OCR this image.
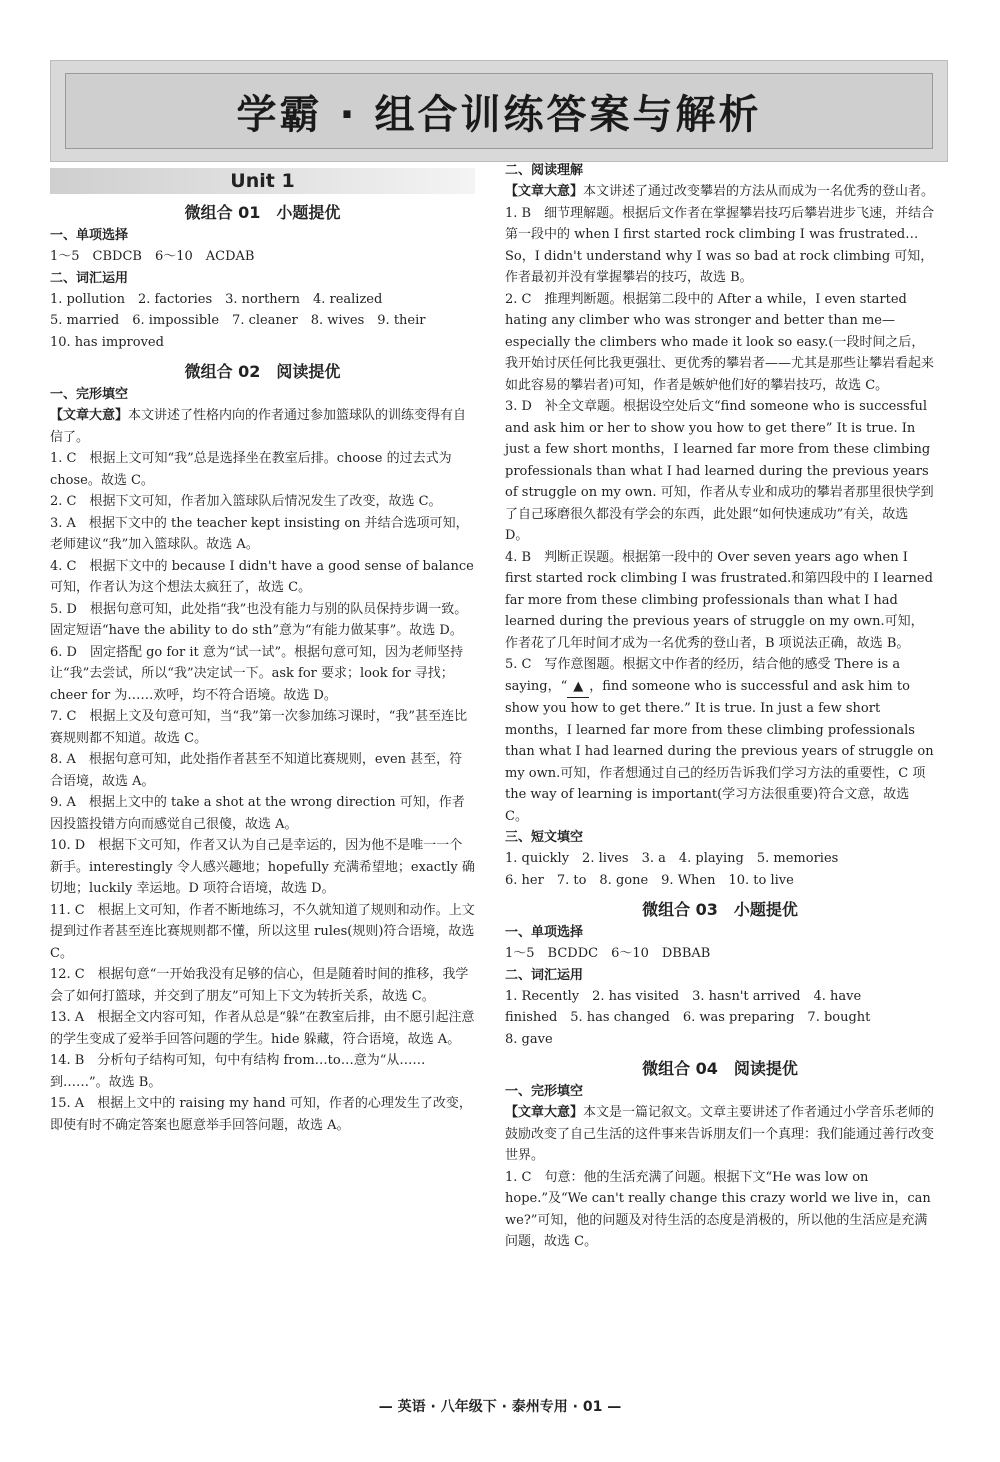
学霸 · 组合训练答案与解析
Unit 1
微组合 01　小题提优
一、单项选择
1～5　CBDCB　6～10　ACDAB
二、词汇运用
1. pollution　2. factories　3. northern　4. realized
5. married　6. impossible　7. cleaner　8. wives　9. their
10. has improved
微组合 02　阅读提优
一、完形填空

【文章大意】本文讲述了性格内向的作者通过参加篮球队的训练变得有自信了。

1. C　根据上文可知“我”总是选择坐在教室后排。choose 的过去式为 chose。故选 C。

2. C　根据下文可知，作者加入篮球队后情况发生了改变，故选 C。

3. A　根据下文中的 the teacher kept insisting on 并结合选项可知，老师建议“我”加入篮球队。故选 A。

4. C　根据下文中的 because I didn't have a good sense of balance 可知，作者认为这个想法太疯狂了，故选 C。

5. D　根据句意可知，此处指“我”也没有能力与别的队员保持步调一致。固定短语“have the ability to do sth”意为“有能力做某事”。故选 D。

6. D　固定搭配 go for it 意为“试一试”。根据句意可知，因为老师坚持让“我”去尝试，所以“我”决定试一下。ask for 要求；look for 寻找；cheer for 为……欢呼，均不符合语境。故选 D。

7. C　根据上文及句意可知，当“我”第一次参加练习课时，“我”甚至连比赛规则都不知道。故选 C。

8. A　根据句意可知，此处指作者甚至不知道比赛规则，even 甚至，符合语境，故选 A。

9. A　根据上文中的 take a shot at the wrong direction 可知，作者因投篮投错方向而感觉自己很傻，故选 A。

10. D　根据下文可知，作者又认为自己是幸运的，因为他不是唯一一个新手。interestingly 令人感兴趣地；hopefully 充满希望地；exactly 确切地；luckily 幸运地。D 项符合语境，故选 D。

11. C　根据上文可知，作者不断地练习，不久就知道了规则和动作。上文提到过作者甚至连比赛规则都不懂，所以这里 rules(规则)符合语境，故选 C。

12. C　根据句意“一开始我没有足够的信心，但是随着时间的推移，我学会了如何打篮球，并交到了朋友”可知上下文为转折关系，故选 C。

13. A　根据全文内容可知，作者从总是“躲”在教室后排，由不愿引起注意的学生变成了爱举手回答问题的学生。hide 躲藏，符合语境，故选 A。

14. B　分析句子结构可知，句中有结构 from…to…意为“从……到……”。故选 B。

15. A　根据上文中的 raising my hand 可知，作者的心理发生了改变，即使有时不确定答案也愿意举手回答问题，故选 A。

二、阅读理解

【文章大意】本文讲述了通过改变攀岩的方法从而成为一名优秀的登山者。

1. B　细节理解题。根据后文作者在掌握攀岩技巧后攀岩进步飞速，并结合第一段中的 when I first started rock climbing I was frustrated…So，I didn't understand why I was so bad at rock climbing 可知，作者最初并没有掌握攀岩的技巧，故选 B。

2. C　推理判断题。根据第二段中的 After a while，I even started hating any climber who was stronger and better than me—especially the climbers who made it look so easy.(一段时间之后，我开始讨厌任何比我更强壮、更优秀的攀岩者——尤其是那些让攀岩看起来如此容易的攀岩者)可知，作者是嫉妒他们好的攀岩技巧，故选 C。

3. D　补全文章题。根据设空处后文“find someone who is successful and ask him or her to show you how to get there” It is true. In just a few short months，I learned far more from these climbing professionals than what I had learned during the previous years of struggle on my own. 可知，作者从专业和成功的攀岩者那里很快学到了自己琢磨很久都没有学会的东西，此处跟“如何快速成功”有关，故选 D。

4. B　判断正误题。根据第一段中的 Over seven years ago when I first started rock climbing I was frustrated.和第四段中的 I learned far more from these climbing professionals than what I had learned during the previous years of struggle on my own.可知，作者花了几年时间才成为一名优秀的登山者，B 项说法正确，故选 B。

5. C　写作意图题。根据文中作者的经历，结合他的感受 There is a saying，“ ▲ ，find someone who is successful and ask him to show you how to get there.” It is true. In just a few short months，I learned far more from these climbing professionals than what I had learned during the previous years of struggle on my own.可知，作者想通过自己的经历告诉我们学习方法的重要性，C 项 the way of learning is important(学习方法很重要)符合文意，故选 C。

三、短文填空
1. quickly　2. lives　3. a　4. playing　5. memories
6. her　7. to　8. gone　9. When　10. to live
微组合 03　小题提优
一、单项选择
1～5　BCDDC　6～10　DBBAB
二、词汇运用
1. Recently　2. has visited　3. hasn't arrived　4. have
finished　5. has changed　6. was preparing　7. bought
8. gave
微组合 04　阅读提优
一、完形填空

【文章大意】本文是一篇记叙文。文章主要讲述了作者通过小学音乐老师的鼓励改变了自己生活的这件事来告诉朋友们一个真理：我们能通过善行改变世界。

1. C　句意：他的生活充满了问题。根据下文“He was low on hope.”及“We can't really change this crazy world we live in，can we?”可知，他的问题及对待生活的态度是消极的，所以他的生活应是充满问题，故选 C。

— 英语 · 八年级下 · 泰州专用 · 01 —
